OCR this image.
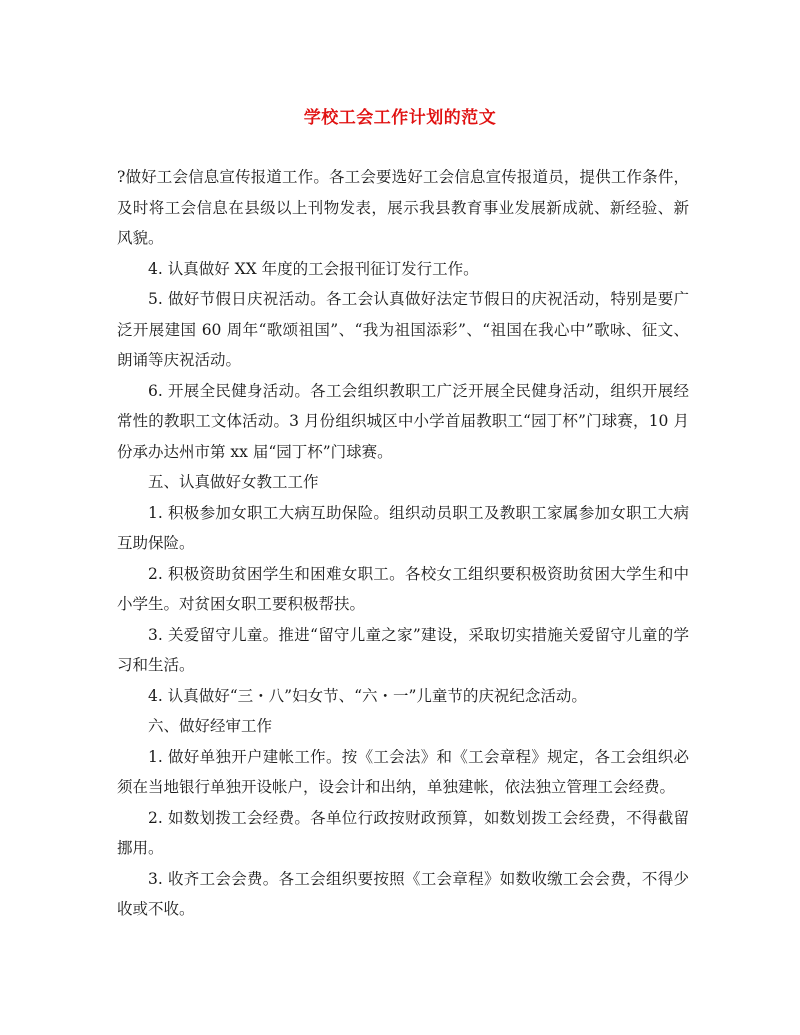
学校工会工作计划的范文

?做好工会信息宣传报道工作。各工会要选好工会信息宣传报道员，提供工作条件，及时将工会信息在县级以上刊物发表，展示我县教育事业发展新成就、新经验、新风貌。

4. 认真做好 XX 年度的工会报刊征订发行工作。

5. 做好节假日庆祝活动。各工会认真做好法定节假日的庆祝活动，特别是要广泛开展建国 60 周年“歌颂祖国”、“我为祖国添彩”、“祖国在我心中”歌咏、征文、朗诵等庆祝活动。

6. 开展全民健身活动。各工会组织教职工广泛开展全民健身活动，组织开展经常性的教职工文体活动。3 月份组织城区中小学首届教职工“园丁杯”门球赛，10 月份承办达州市第 xx 届“园丁杯”门球赛。

五、认真做好女教工工作

1. 积极参加女职工大病互助保险。组织动员职工及教职工家属参加女职工大病互助保险。

2. 积极资助贫困学生和困难女职工。各校女工组织要积极资助贫困大学生和中小学生。对贫困女职工要积极帮扶。

3. 关爱留守儿童。推进“留守儿童之家”建设，采取切实措施关爱留守儿童的学习和生活。

4. 认真做好“三・八”妇女节、“六・一”儿童节的庆祝纪念活动。

六、做好经审工作

1. 做好单独开户建帐工作。按《工会法》和《工会章程》规定，各工会组织必须在当地银行单独开设帐户，设会计和出纳，单独建帐，依法独立管理工会经费。

2. 如数划拨工会经费。各单位行政按财政预算，如数划拨工会经费，不得截留挪用。

3. 收齐工会会费。各工会组织要按照《工会章程》如数收缴工会会费，不得少收或不收。
